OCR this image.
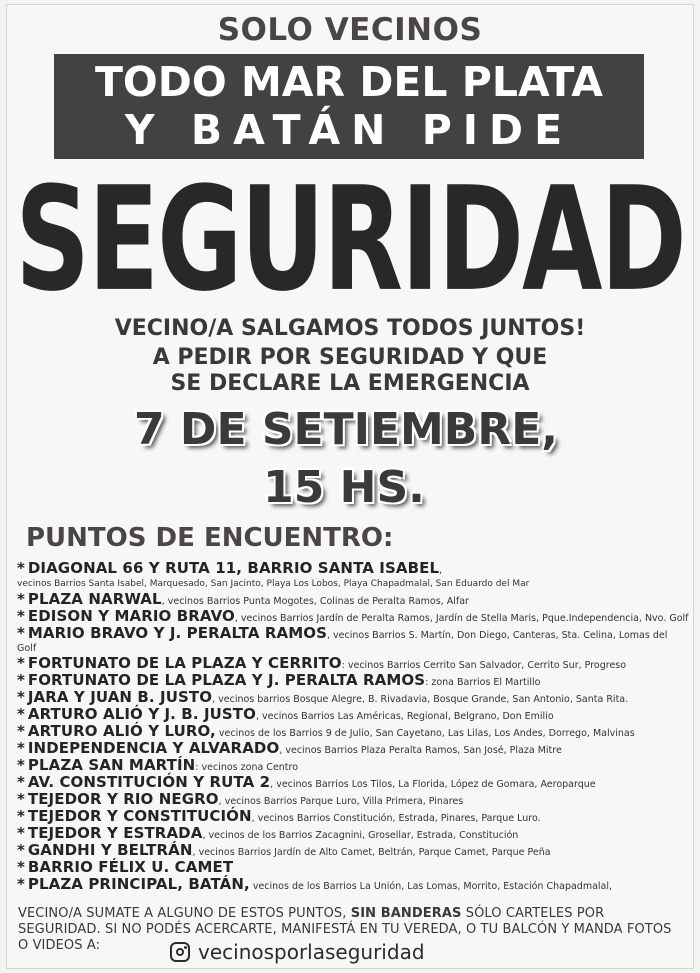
SOLO VECINOS
TODO MAR DEL PLATA
Y BATÁN PIDE
SEGURIDAD
VECINO/A SALGAMOS TODOS JUNTOS!
A PEDIR POR SEGURIDAD Y QUE
SE DECLARE LA EMERGENCIA
7 DE SETIEMBRE,
15 HS.
PUNTOS DE ENCUENTRO:
* DIAGONAL 66 Y RUTA 11, BARRIO SANTA ISABEL,
vecinos Barrios Santa Isabel, Marquesado, San Jacinto, Playa Los Lobos, Playa Chapadmalal, San Eduardo del Mar
* PLAZA NARWAL, vecinos Barrios Punta Mogotes, Colinas de Peralta Ramos, Alfar
* EDISON Y MARIO BRAVO, vecinos Barrios Jardín de Peralta Ramos, Jardín de Stella Maris, Pque.Independencia, Nvo. Golf
* MARIO BRAVO Y J. PERALTA RAMOS, vecinos Barrios S. Martín, Don Diego, Canteras, Sta. Celina, Lomas del Golf
* FORTUNATO DE LA PLAZA Y CERRITO: vecinos Barrios Cerrito San Salvador, Cerrito Sur, Progreso
* FORTUNATO DE LA PLAZA Y J. PERALTA RAMOS: zona Barrios El Martillo
* JARA Y JUAN B. JUSTO, vecinos barrios Bosque Alegre, B. Rivadavia, Bosque Grande, San Antonio, Santa Rita.
* ARTURO ALIÓ Y J. B. JUSTO, vecinos Barrios Las Américas, Regional, Belgrano, Don Emilio
* ARTURO ALIÓ Y LURO, vecinos de los Barrios 9 de Julio, San Cayetano, Las Lilas, Los Andes, Dorrego, Malvinas
* INDEPENDENCIA Y ALVARADO, vecinos Barrios Plaza Peralta Ramos, San José, Plaza Mitre
* PLAZA SAN MARTÍN: vecinos zona Centro
* AV. CONSTITUCIÓN Y RUTA 2, vecinos Barrios Los Tilos, La Florida, López de Gomara, Aeroparque
* TEJEDOR Y RIO NEGRO, vecinos Barrios Parque Luro, Villa Primera, Pinares
* TEJEDOR Y CONSTITUCIÓN, vecinos Barrios Constitución, Estrada, Pinares, Parque Luro.
* TEJEDOR Y ESTRADA, vecinos de los Barrios Zacagnini, Grosellar, Estrada, Constitución
* GANDHI Y BELTRÁN, vecinos Barrios Jardín de Alto Camet, Beltrán, Parque Camet, Parque Peña
* BARRIO FÉLIX U. CAMET
* PLAZA PRINCIPAL, BATÁN, vecinos de los Barrios La Unión, Las Lomas, Morrito, Estación Chapadmalal,
VECINO/A SUMATE A ALGUNO DE ESTOS PUNTOS, SIN BANDERAS SÓLO CARTELES POR SEGURIDAD. SI NO PODÉS ACERCARTE, MANIFESTÁ EN TU VEREDA, O TU BALCÓN Y MANDA FOTOS O VIDEOS A:	vecinosporlaseguridad
